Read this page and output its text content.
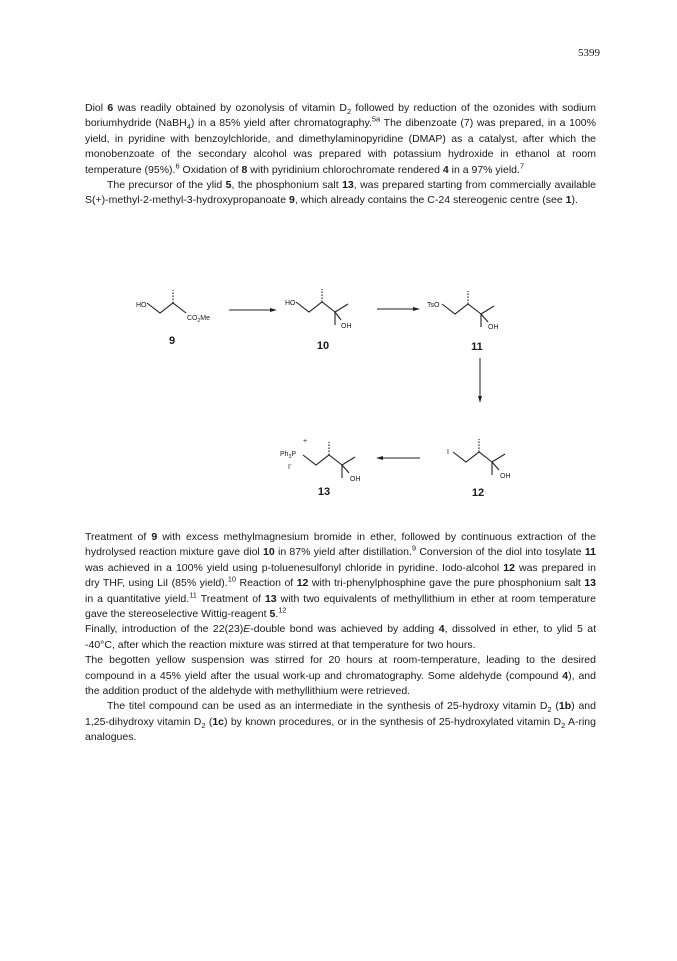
5399

Diol 6 was readily obtained by ozonolysis of vitamin $D_2$ followed by reduction of the ozonides with sodium boriumhydride (NaBH$_4$) in a 85% yield after chromatography.$^{5a}$ The dibenzoate (7) was prepared, in a 100% yield, in pyridine with benzoylchloride, and dimethylaminopyridine (DMAP) as a catalyst, after which the monobenzoate of the secondary alcohol was prepared with potassium hydroxide in ethanol at room temperature (95%).$^6$ Oxidation of 8 with pyridinium chlorochromate rendered 4 in a 97% yield.$^7$

The precursor of the ylid 5, the phosphonium salt 13, was prepared starting from commercially available S(+)-methyl-2-methyl-3-hydroxypropanoate 9, which already contains the C-24 stereogenic centre (see 1).

HO
$CO_2Me$
9
HO
OH
10
TsO
OH
11
I
OH
12
+
$Ph_3P$
I-
OH
13

Treatment of 9 with excess methylmagnesium bromide in ether, followed by continuous extraction of the hydrolysed reaction mixture gave diol 10 in 87% yield after distillation.$^9$ Conversion of the diol into tosylate 11 was achieved in a 100% yield using p-toluenesulfonyl chloride in pyridine. Iodo-alcohol 12 was prepared in dry THF, using LiI (85% yield).$^{10}$ Reaction of 12 with tri-phenylphosphine gave the pure phosphonium salt 13 in a quantitative yield.$^{11}$ Treatment of 13 with two equivalents of methyllithium in ether at room temperature gave the stereoselective Wittig-reagent 5.12

Finally, introduction of the 22(23)E-double bond was achieved by adding 4, dissolved in ether, to ylid 5 at -40°C, after which the reaction mixture was stirred at that temperature for two hours.

The begotten yellow suspension was stirred for 20 hours at room-temperature, leading to the desired compound in a 45% yield after the usual work-up and chromatography. Some aldehyde (compound 4), and the addition product of the aldehyde with methyllithium were retrieved.

The titel compound can be used as an intermediate in the synthesis of 25-hydroxy vitamin $D_2$ (1b) and 1,25-dihydroxy vitamin $D_2$ (1c) by known procedures, or in the synthesis of 25-hydroxylated vitamin $D_2$ A-ring analogues.
